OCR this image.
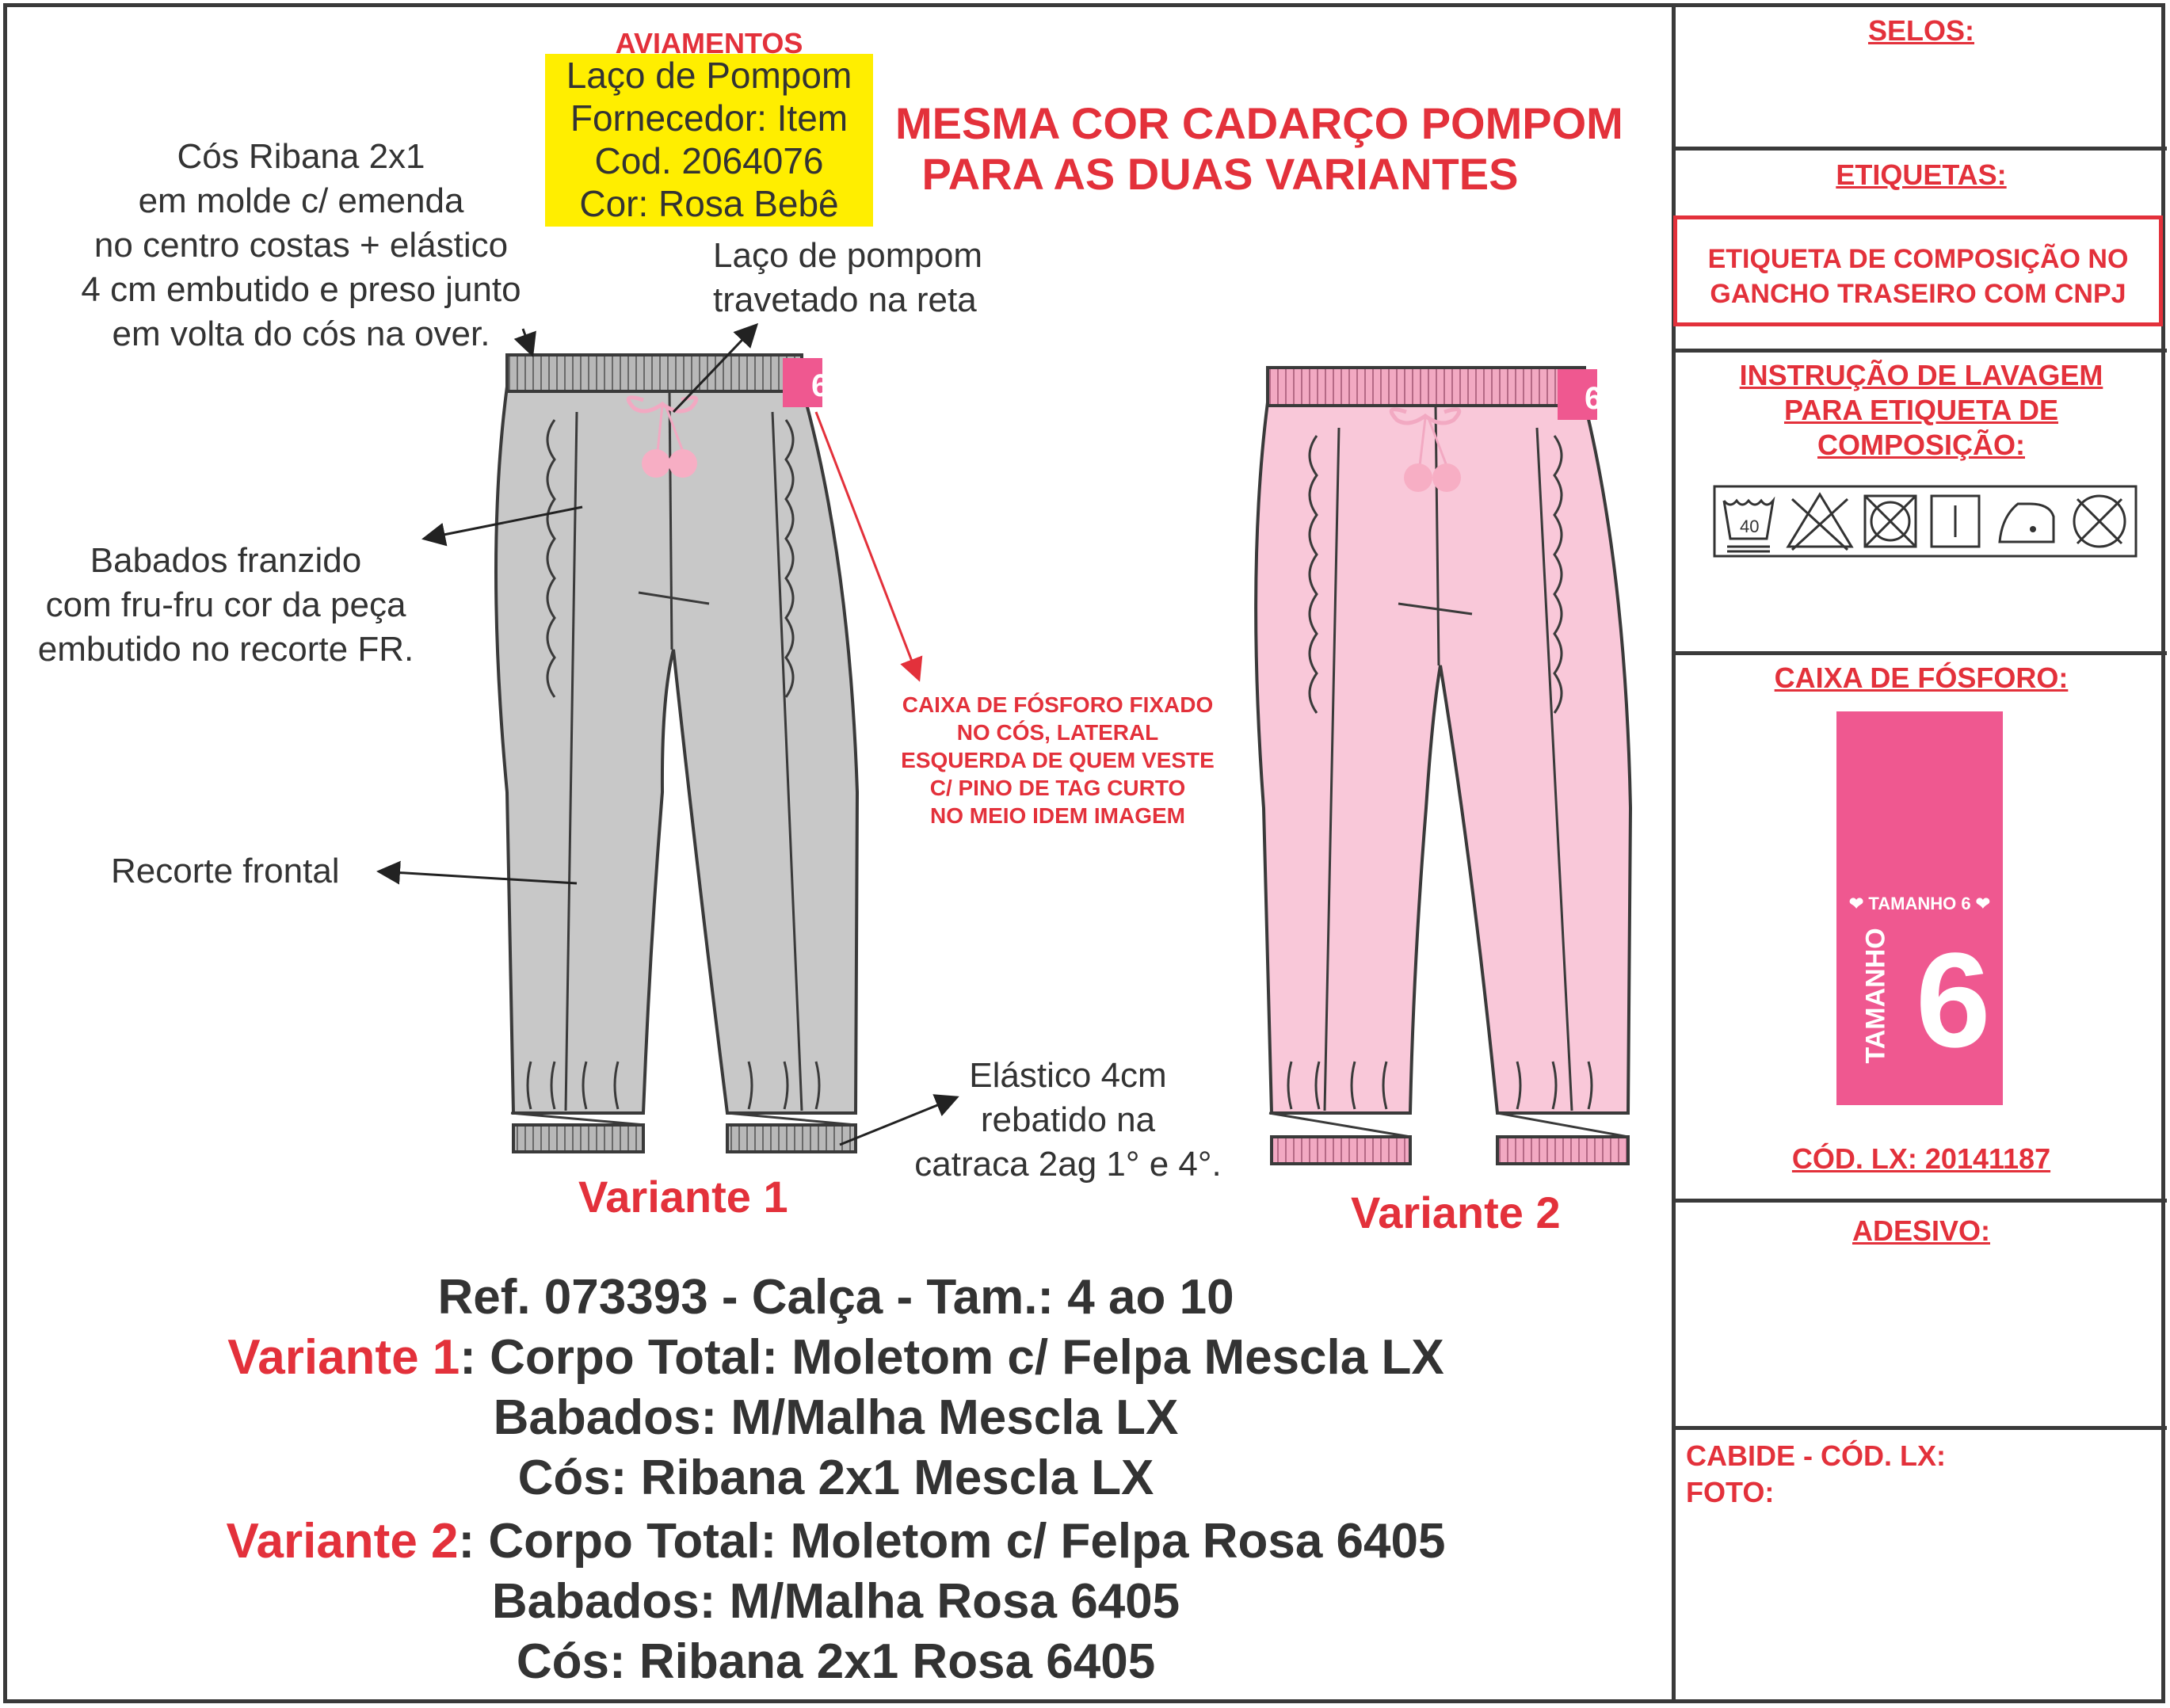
AVIAMENTOS
Laço de Pompom
Fornecedor: Item
Cod. 2064076
Cor: Rosa Bebê
Cós Ribana 2x1
em molde c/ emenda
no centro costas + elástico
4 cm embutido e preso junto
em volta do cós na over.
Laço de pompom
travetado na reta
MESMA COR CADARÇO POMPOM
PARA AS DUAS VARIANTES
Babados franzido
com fru-fru cor da peça
embutido no recorte FR.
CAIXA DE FÓSFORO FIXADO
NO CÓS, LATERAL
ESQUERDA DE QUEM VESTE
C/ PINO DE TAG CURTO
NO MEIO IDEM IMAGEM
Recorte frontal
Elástico 4cm
rebatido na
catraca 2ag 1° e 4°.
6	6
Variante 1	Variante 2
Ref. 073393 - Calça - Tam.: 4 ao 10
Variante 1: Corpo Total: Moletom c/ Felpa Mescla LX
Babados: M/Malha Mescla LX
Cós: Ribana 2x1 Mescla LX
Variante 2: Corpo Total: Moletom c/ Felpa Rosa 6405
Babados: M/Malha Rosa 6405
Cós: Ribana 2x1 Rosa 6405
SELOS:
ETIQUETAS:
ETIQUETA DE COMPOSIÇÃO NO
GANCHO TRASEIRO COM CNPJ
INSTRUÇÃO DE LAVAGEM
PARA ETIQUETA DE
COMPOSIÇÃO:
40
CAIXA DE FÓSFORO:
❤ TAMANHO 6 ❤
TAMANHO 6
CÓD. LX: 20141187
ADESIVO:
CABIDE - CÓD. LX:
FOTO:
